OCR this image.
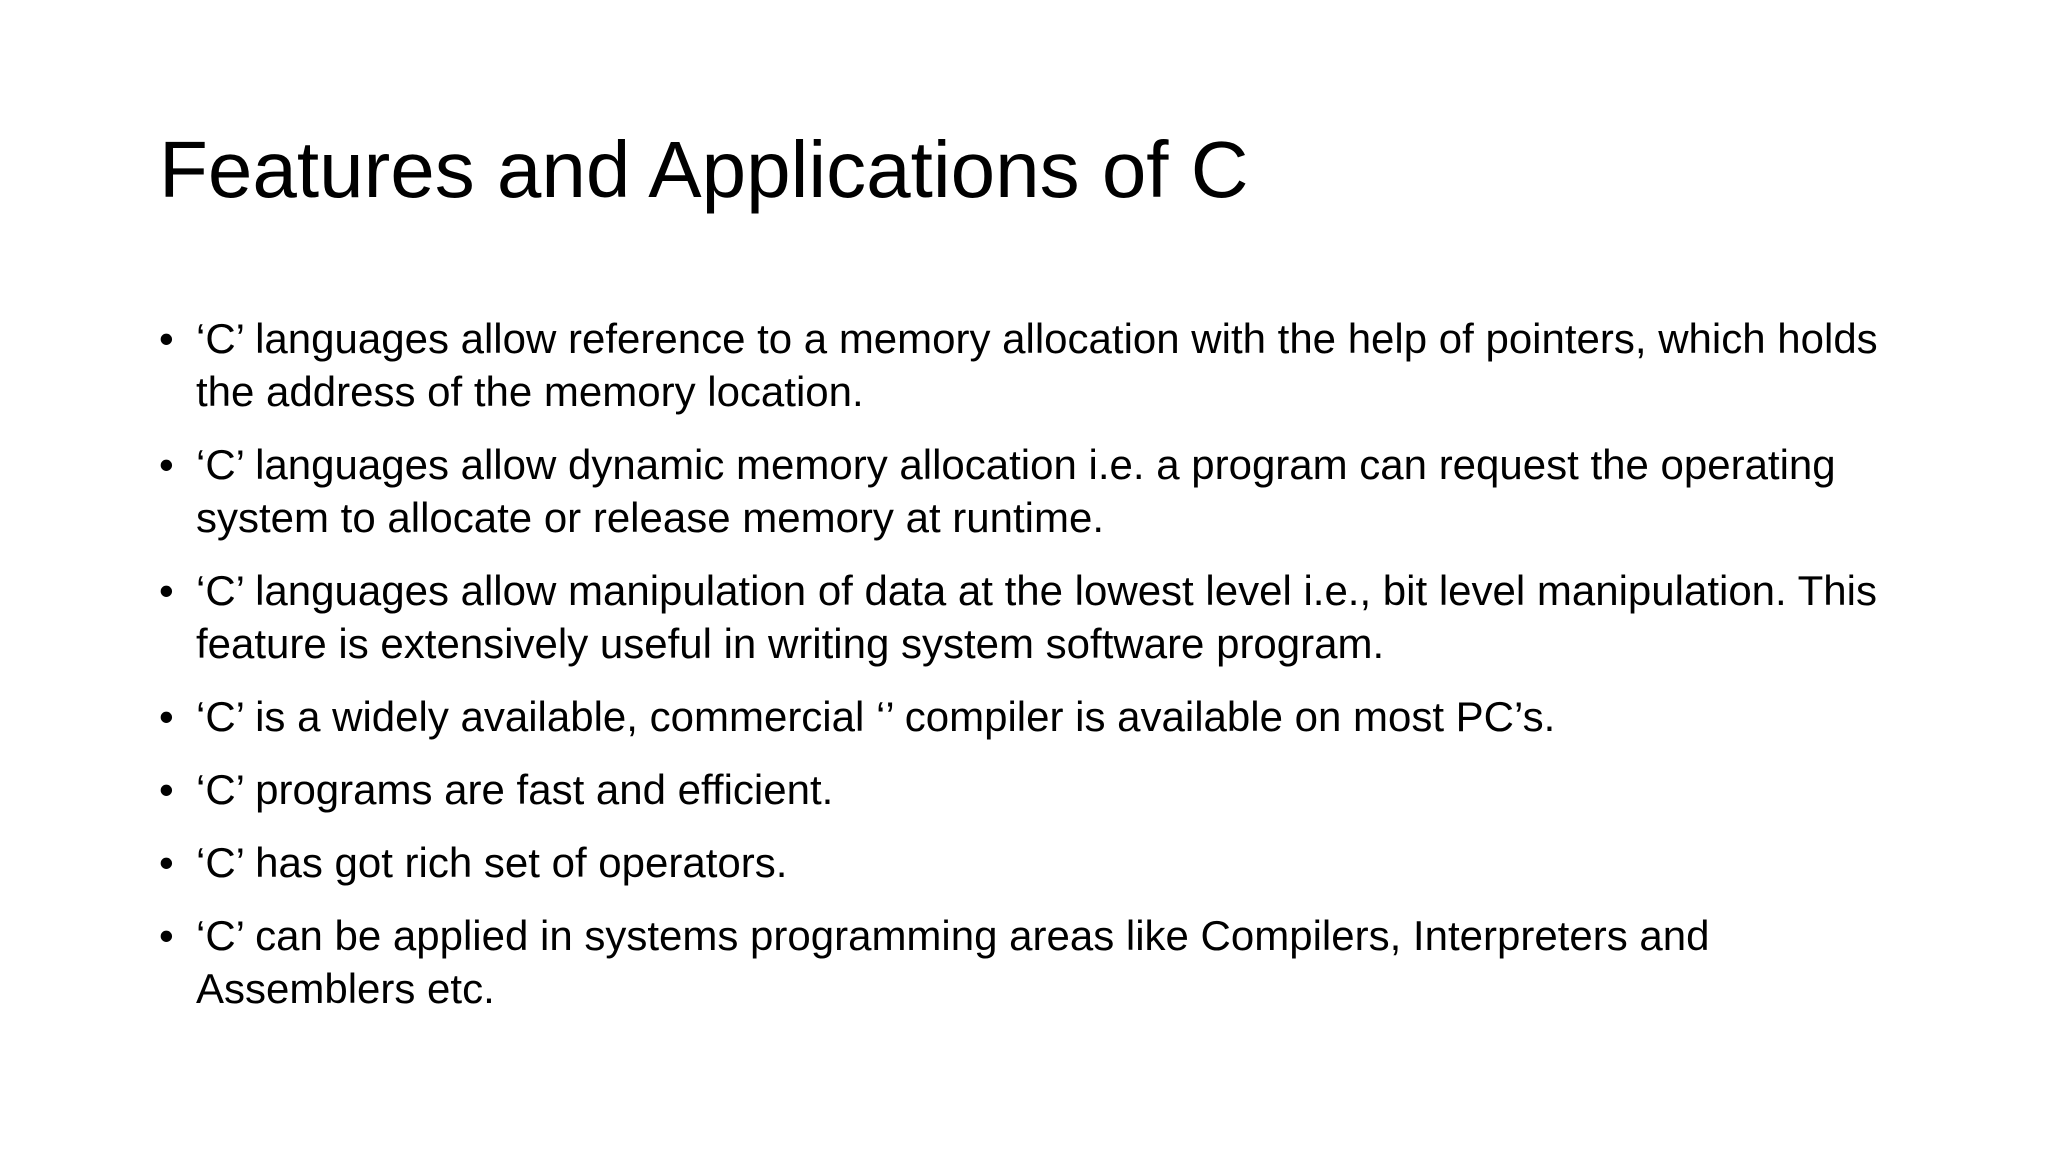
Features and Applications of C
• ‘C’ languages allow reference to a memory allocation with the help of pointers, which holds the address of the memory location.
• ‘C’ languages allow dynamic memory allocation i.e. a program can request the operating system to allocate or release memory at runtime.
• ‘C’ languages allow manipulation of data at the lowest level i.e., bit level manipulation. This feature is extensively useful in writing system software program.
• ‘C’ is a widely available, commercial ‘’ compiler is available on most PC’s.
• ‘C’ programs are fast and efficient.
• ‘C’ has got rich set of operators.
• ‘C’ can be applied in systems programming areas like Compilers, Interpreters and Assemblers etc.
